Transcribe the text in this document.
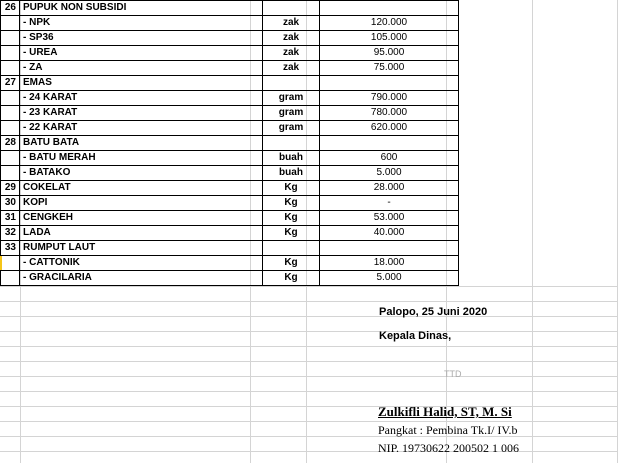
26	PUPUK NON SUBSIDI		
	- NPK	zak	120.000
	- SP36	zak	105.000
	- UREA	zak	95.000
	- ZA	zak	75.000
27	EMAS		
	- 24 KARAT	gram	790.000
	- 23 KARAT	gram	780.000
	- 22 KARAT	gram	620.000
28	BATU BATA		
	- BATU MERAH	buah	600
	- BATAKO	buah	5.000
29	COKELAT	Kg	28.000
30	KOPI	Kg	-
31	CENGKEH	Kg	53.000
32	LADA	Kg	40.000
33	RUMPUT LAUT		
	- CATTONIK	Kg	18.000
	- GRACILARIA	Kg	5.000
Palopo, 25 Juni 2020
Kepala Dinas,
TTD
Zulkifli Halid, ST, M. Si
Pangkat : Pembina Tk.I/ IV.b
NIP. 19730622 200502 1 006
